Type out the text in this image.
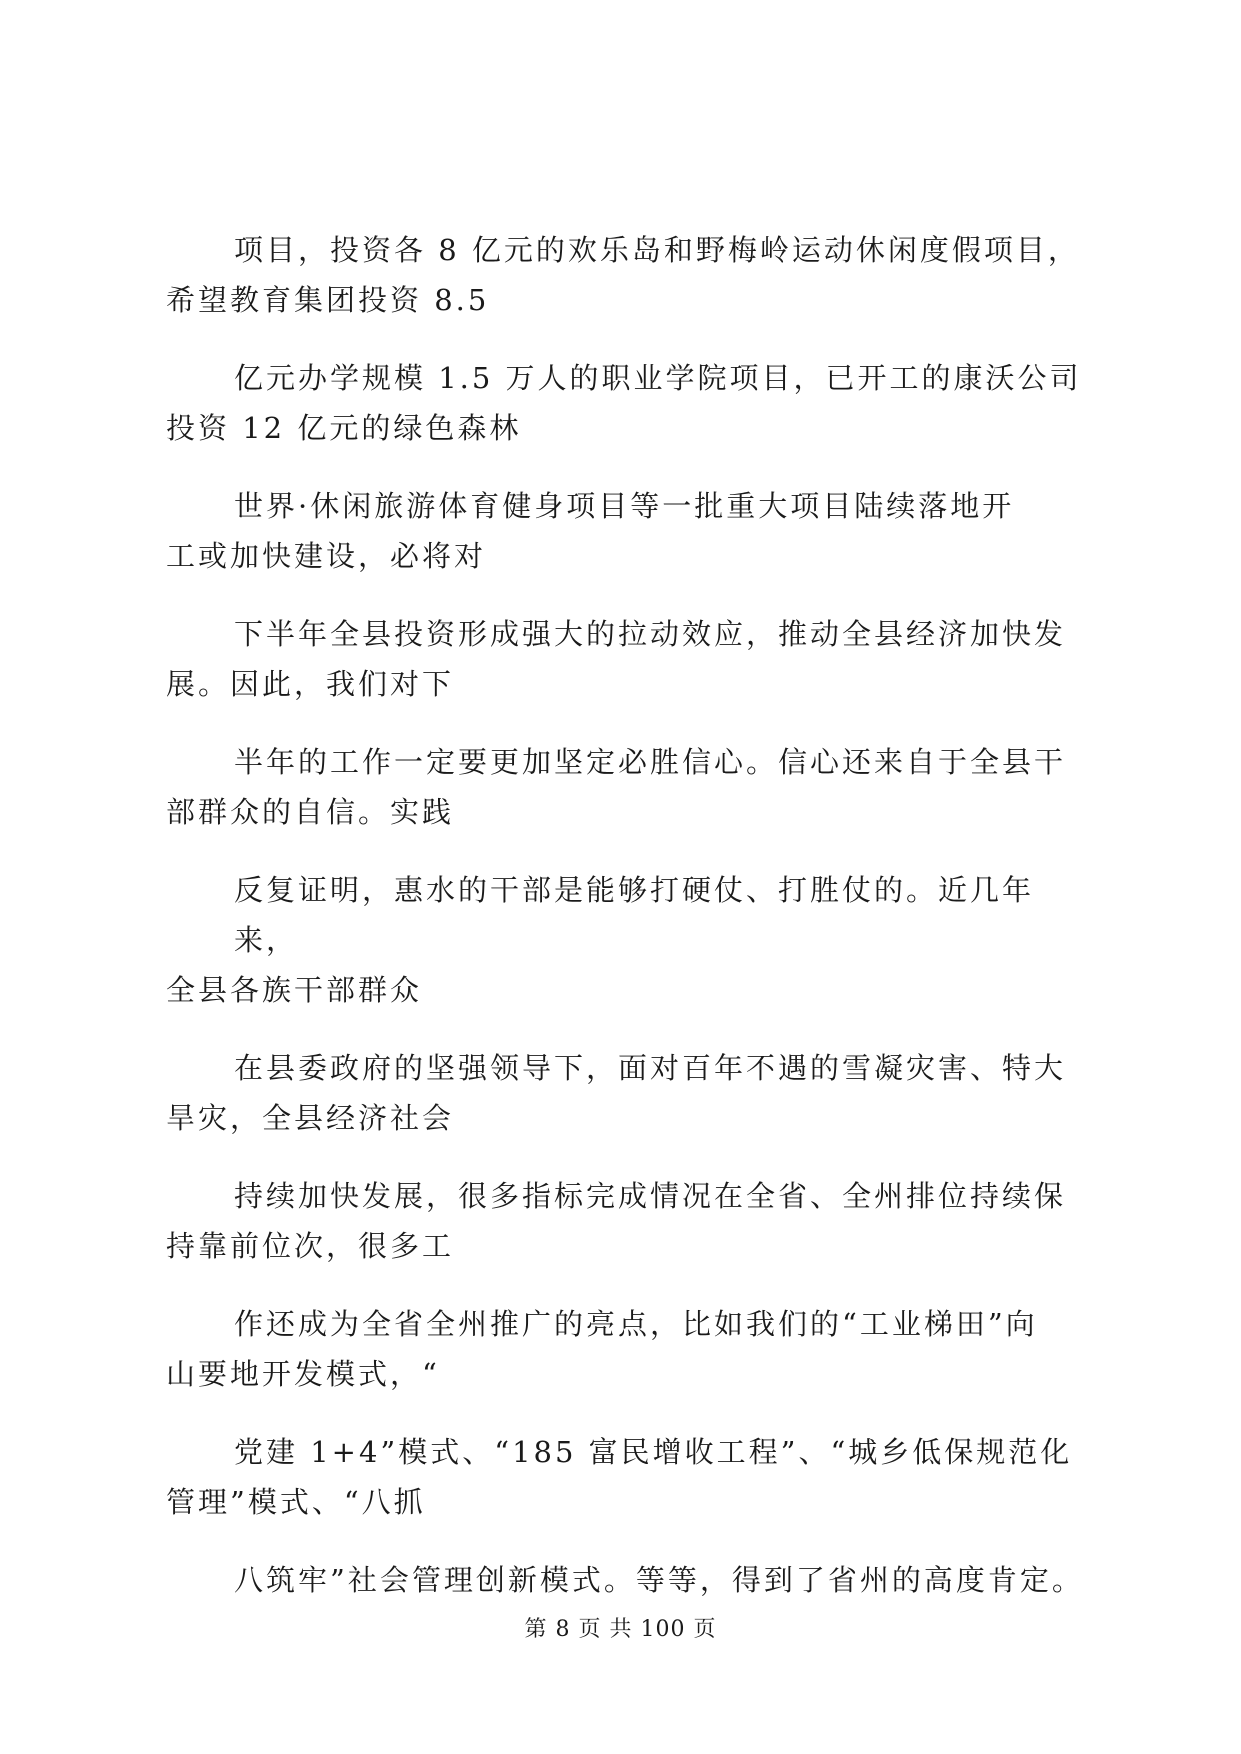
项目，投资各 8 亿元的欢乐岛和野梅岭运动休闲度假项目，
希望教育集团投资 8.5
亿元办学规模 1.5 万人的职业学院项目，已开工的康沃公司
投资 12 亿元的绿色森林
世界·休闲旅游体育健身项目等一批重大项目陆续落地开
工或加快建设，必将对
下半年全县投资形成强大的拉动效应，推动全县经济加快发
展。因此，我们对下
半年的工作一定要更加坚定必胜信心。信心还来自于全县干
部群众的自信。实践
反复证明，惠水的干部是能够打硬仗、打胜仗的。近几年来，
全县各族干部群众
在县委政府的坚强领导下，面对百年不遇的雪凝灾害、特大
旱灾，全县经济社会
持续加快发展，很多指标完成情况在全省、全州排位持续保
持靠前位次，很多工
作还成为全省全州推广的亮点，比如我们的“工业梯田”向
山要地开发模式，“
党建 1+4”模式、“185 富民增收工程”、“城乡低保规范化
管理”模式、“八抓
八筑牢”社会管理创新模式。等等，得到了省州的高度肯定。
第 8 页 共 100 页
